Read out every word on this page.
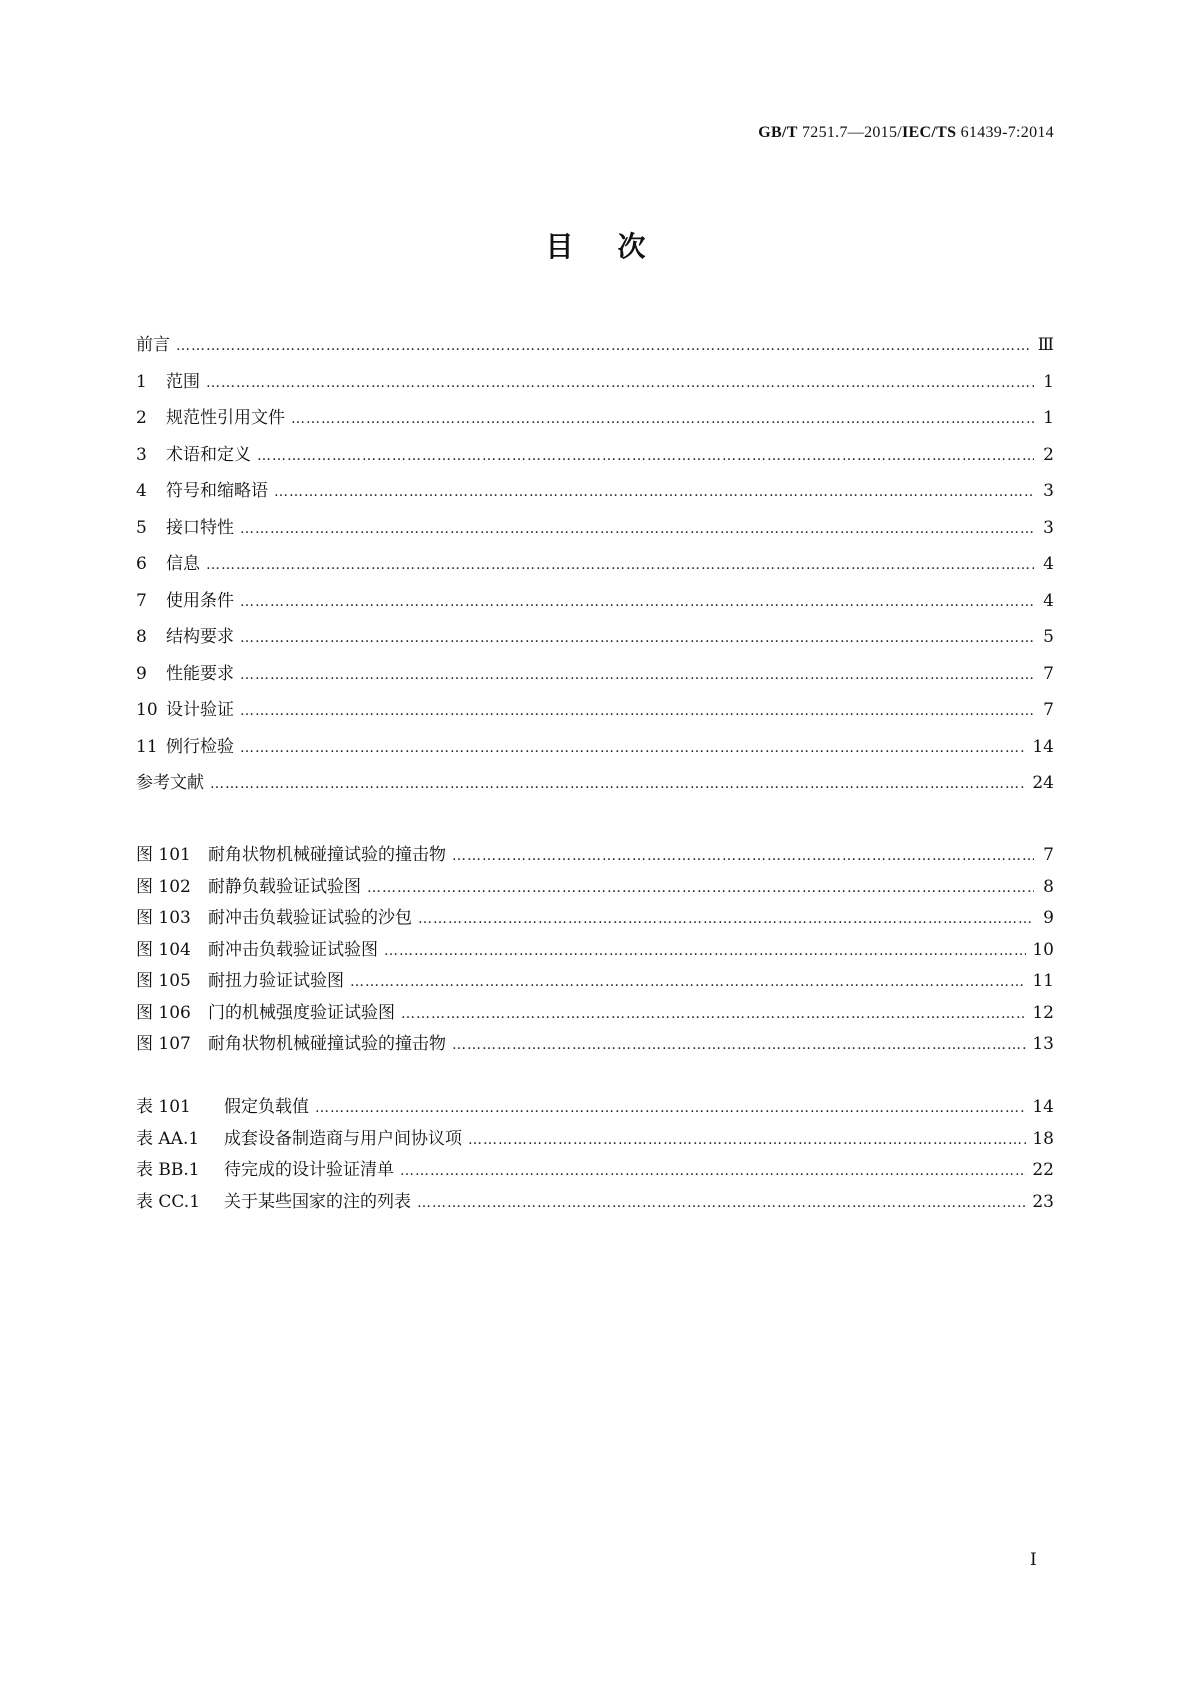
GB/T 7251.7—2015/IEC/TS 61439-7:2014
目次
前言 …………………………………………………………………………………………………………………………………………………………………………………………………	Ⅲ
1 范围 …………………………………………………………………………………………………………………………………………………………………………………………………	1
2 规范性引用文件 …………………………………………………………………………………………………………………………………………………………………………………………………	1
3 术语和定义 …………………………………………………………………………………………………………………………………………………………………………………………………	2
4 符号和缩略语 …………………………………………………………………………………………………………………………………………………………………………………………………	3
5 接口特性 …………………………………………………………………………………………………………………………………………………………………………………………………	3
6 信息 …………………………………………………………………………………………………………………………………………………………………………………………………	4
7 使用条件 …………………………………………………………………………………………………………………………………………………………………………………………………	4
8 结构要求 …………………………………………………………………………………………………………………………………………………………………………………………………	5
9 性能要求 …………………………………………………………………………………………………………………………………………………………………………………………………	7
10 设计验证 …………………………………………………………………………………………………………………………………………………………………………………………………	7
11 例行检验 …………………………………………………………………………………………………………………………………………………………………………………………………	14
参考文献 …………………………………………………………………………………………………………………………………………………………………………………………………	24
图 101 耐角状物机械碰撞试验的撞击物 …………………………………………………………………………………………………………………………………………………………………………………………………	7
图 102 耐静负载验证试验图 …………………………………………………………………………………………………………………………………………………………………………………………………	8
图 103 耐冲击负载验证试验的沙包 …………………………………………………………………………………………………………………………………………………………………………………………………	9
图 104 耐冲击负载验证试验图 …………………………………………………………………………………………………………………………………………………………………………………………………	10
图 105 耐扭力验证试验图 …………………………………………………………………………………………………………………………………………………………………………………………………	11
图 106 门的机械强度验证试验图 …………………………………………………………………………………………………………………………………………………………………………………………………	12
图 107 耐角状物机械碰撞试验的撞击物 …………………………………………………………………………………………………………………………………………………………………………………………………	13
表 101 假定负载值 …………………………………………………………………………………………………………………………………………………………………………………………………	14
表 AA.1 成套设备制造商与用户间协议项 …………………………………………………………………………………………………………………………………………………………………………………………………	18
表 BB.1 待完成的设计验证清单 …………………………………………………………………………………………………………………………………………………………………………………………………	22
表 CC.1 关于某些国家的注的列表 …………………………………………………………………………………………………………………………………………………………………………………………………	23
I
